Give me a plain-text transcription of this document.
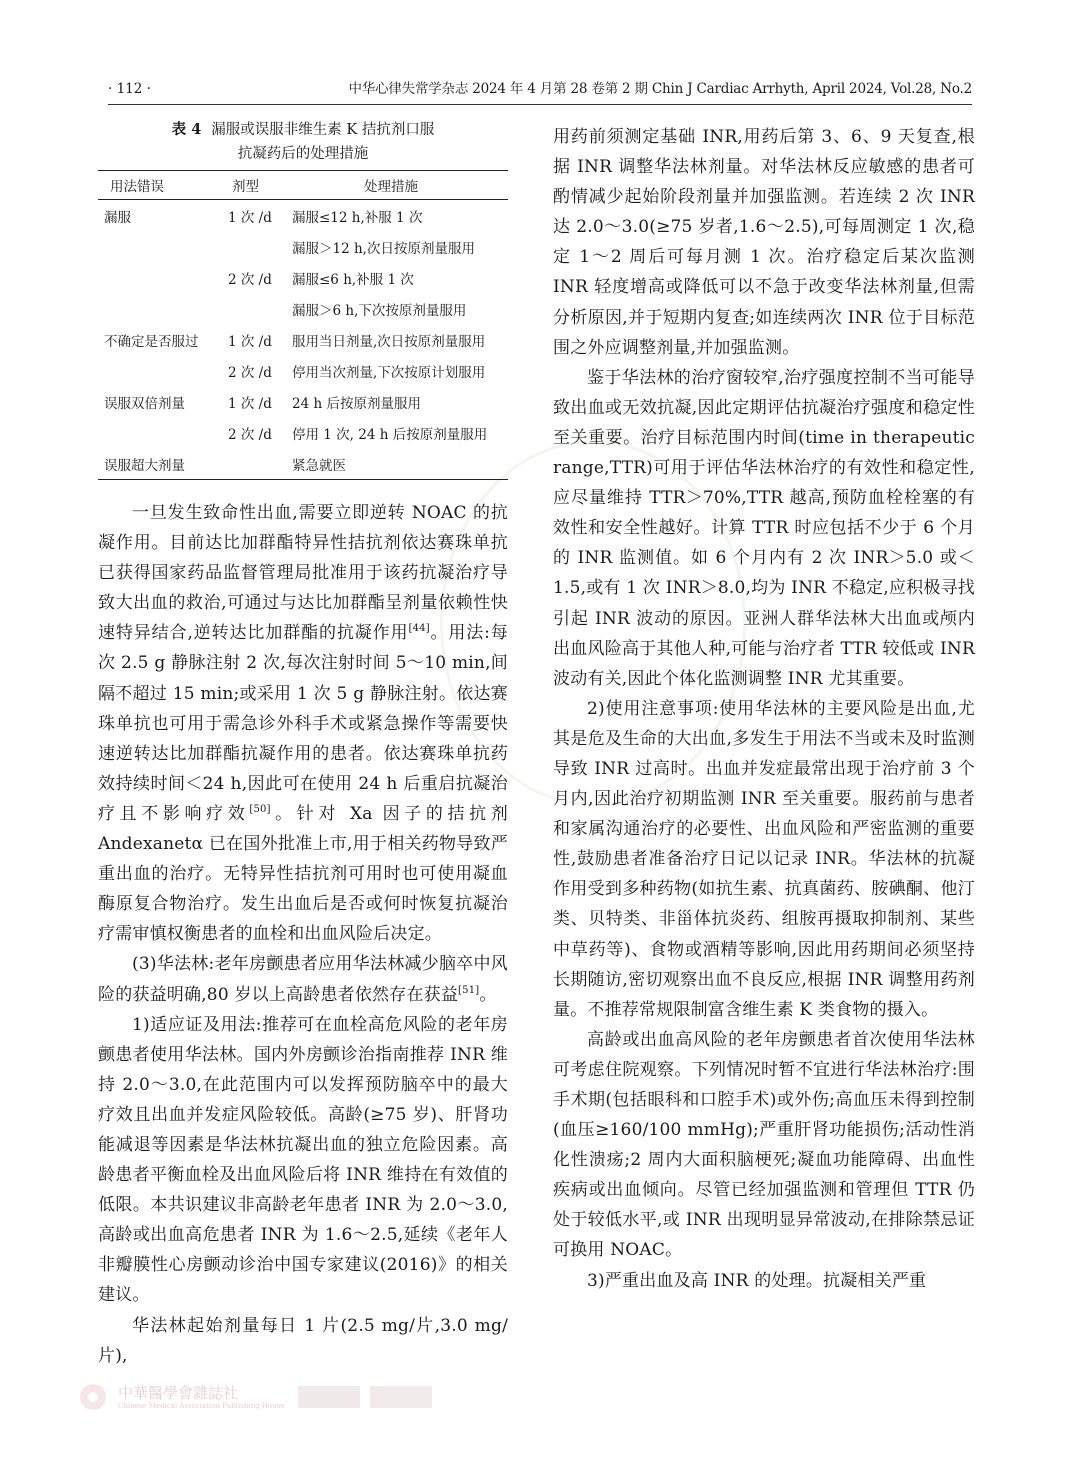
· 112 ·	中华心律失常学杂志 2024 年 4 月第 28 卷第 2 期 Chin J Cardiac Arrhyth, April 2024, Vol.28, No.2
表 4 漏服或误服非维生素 K 拮抗剂口服
抗凝药后的处理措施
用法错误	剂型	处理措施
漏服	1 次 /d	漏服≤12 h,补服 1 次
		漏服＞12 h,次日按原剂量服用
	2 次 /d	漏服≤6 h,补服 1 次
		漏服＞6 h,下次按原剂量服用
不确定是否服过	1 次 /d	服用当日剂量,次日按原剂量服用
	2 次 /d	停用当次剂量,下次按原计划服用
误服双倍剂量	1 次 /d	24 h 后按原剂量服用
	2 次 /d	停用 1 次, 24 h 后按原剂量服用
误服超大剂量		紧急就医

一旦发生致命性出血,需要立即逆转 NOAC 的抗凝作用。目前达比加群酯特异性拮抗剂依达赛珠单抗已获得国家药品监督管理局批准用于该药抗凝治疗导致大出血的救治,可通过与达比加群酯呈剂量依赖性快速特异结合,逆转达比加群酯的抗凝作用[44]。用法:每次 2.5 g 静脉注射 2 次,每次注射时间 5～10 min,间隔不超过 15 min;或采用 1 次 5 g 静脉注射。依达赛珠单抗也可用于需急诊外科手术或紧急操作等需要快速逆转达比加群酯抗凝作用的患者。依达赛珠单抗药效持续时间＜24 h,因此可在使用 24 h 后重启抗凝治疗且不影响疗效[50]。针对 Xa 因子的拮抗剂 Andexanetα 已在国外批准上市,用于相关药物导致严重出血的治疗。无特异性拮抗剂可用时也可使用凝血酶原复合物治疗。发生出血后是否或何时恢复抗凝治疗需审慎权衡患者的血栓和出血风险后决定。

(3)华法林:老年房颤患者应用华法林减少脑卒中风险的获益明确,80 岁以上高龄患者依然存在获益[51]。

1)适应证及用法:推荐可在血栓高危风险的老年房颤患者使用华法林。国内外房颤诊治指南推荐 INR 维持 2.0～3.0,在此范围内可以发挥预防脑卒中的最大疗效且出血并发症风险较低。高龄(≥75 岁)、肝肾功能减退等因素是华法林抗凝出血的独立危险因素。高龄患者平衡血栓及出血风险后将 INR 维持在有效值的低限。本共识建议非高龄老年患者 INR 为 2.0～3.0,高龄或出血高危患者 INR 为 1.6～2.5,延续《老年人非瓣膜性心房颤动诊治中国专家建议(2016)》的相关建议。

华法林起始剂量每日 1 片(2.5 mg/片,3.0 mg/片),

用药前须测定基础 INR,用药后第 3、6、9 天复查,根据 INR 调整华法林剂量。对华法林反应敏感的患者可酌情减少起始阶段剂量并加强监测。若连续 2 次 INR 达 2.0～3.0(≥75 岁者,1.6～2.5),可每周测定 1 次,稳定 1～2 周后可每月测 1 次。治疗稳定后某次监测 INR 轻度增高或降低可以不急于改变华法林剂量,但需分析原因,并于短期内复查;如连续两次 INR 位于目标范围之外应调整剂量,并加强监测。

鉴于华法林的治疗窗较窄,治疗强度控制不当可能导致出血或无效抗凝,因此定期评估抗凝治疗强度和稳定性至关重要。治疗目标范围内时间(time in therapeutic range,TTR)可用于评估华法林治疗的有效性和稳定性,应尽量维持 TTR＞70%,TTR 越高,预防血栓栓塞的有效性和安全性越好。计算 TTR 时应包括不少于 6 个月的 INR 监测值。如 6 个月内有 2 次 INR＞5.0 或＜1.5,或有 1 次 INR＞8.0,均为 INR 不稳定,应积极寻找引起 INR 波动的原因。亚洲人群华法林大出血或颅内出血风险高于其他人种,可能与治疗者 TTR 较低或 INR 波动有关,因此个体化监测调整 INR 尤其重要。

2)使用注意事项:使用华法林的主要风险是出血,尤其是危及生命的大出血,多发生于用法不当或未及时监测导致 INR 过高时。出血并发症最常出现于治疗前 3 个月内,因此治疗初期监测 INR 至关重要。服药前与患者和家属沟通治疗的必要性、出血风险和严密监测的重要性,鼓励患者准备治疗日记以记录 INR。华法林的抗凝作用受到多种药物(如抗生素、抗真菌药、胺碘酮、他汀类、贝特类、非甾体抗炎药、组胺再摄取抑制剂、某些中草药等)、食物或酒精等影响,因此用药期间必须坚持长期随访,密切观察出血不良反应,根据 INR 调整用药剂量。不推荐常规限制富含维生素 K 类食物的摄入。

高龄或出血高风险的老年房颤患者首次使用华法林可考虑住院观察。下列情况时暂不宜进行华法林治疗:围手术期(包括眼科和口腔手术)或外伤;高血压未得到控制(血压≥160/100 mmHg);严重肝肾功能损伤;活动性消化性溃疡;2 周内大面积脑梗死;凝血功能障碍、出血性疾病或出血倾向。尽管已经加强监测和管理但 TTR 仍处于较低水平,或 INR 出现明显异常波动,在排除禁忌证可换用 NOAC。

3)严重出血及高 INR 的处理。抗凝相关严重

中華醫學會雜誌社
Chinese Medical Association Publishing House
